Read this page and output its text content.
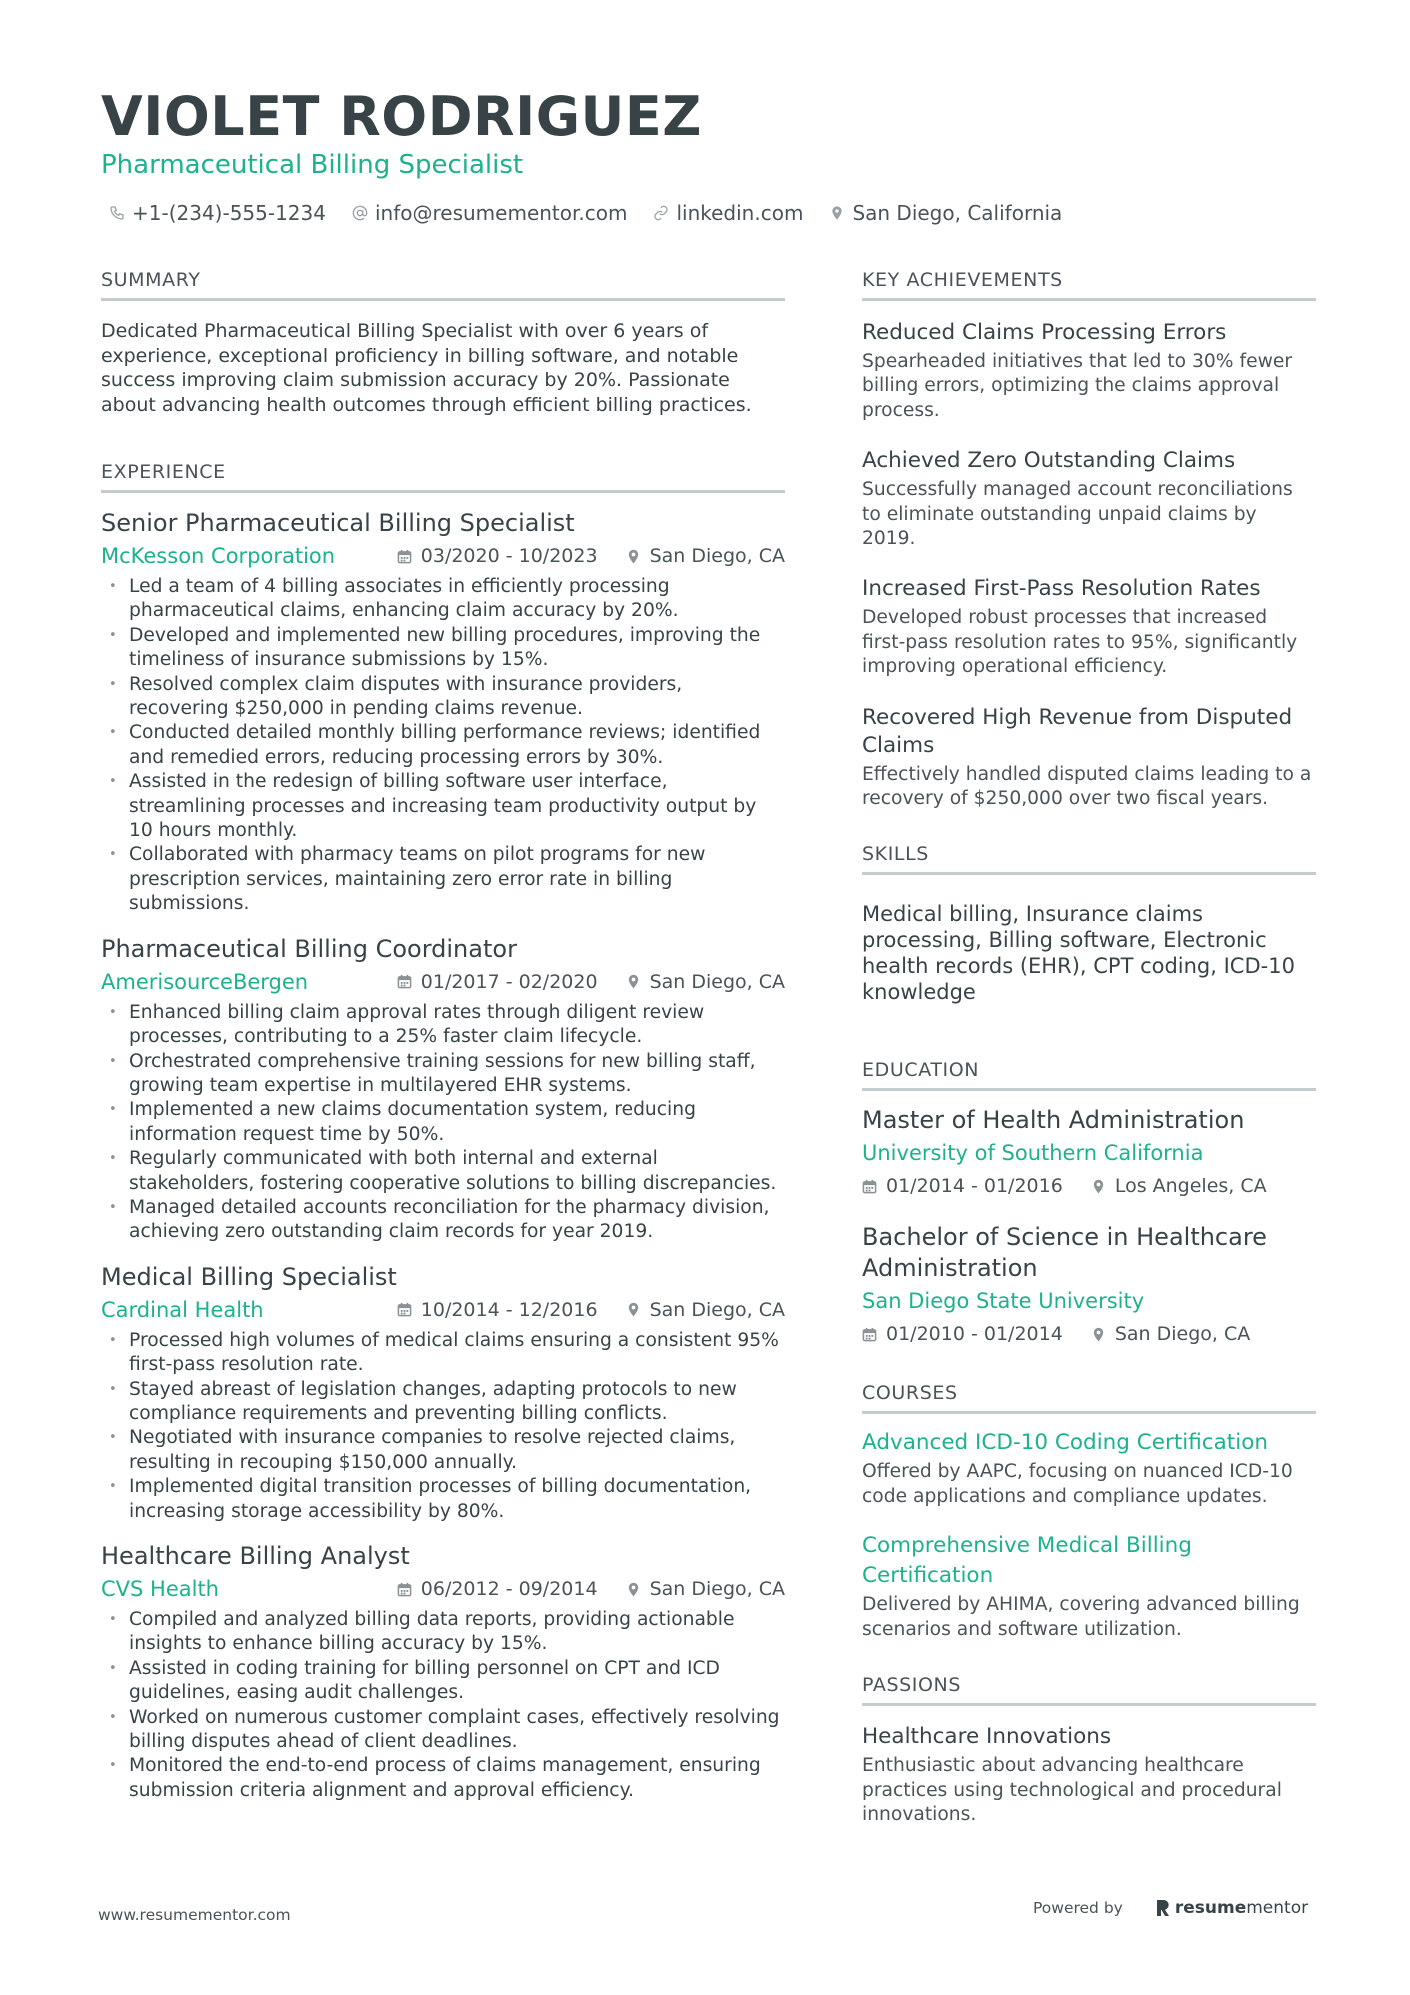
VIOLET RODRIGUEZ
Pharmaceutical Billing Specialist
+1-(234)-555-1234 info@resumementor.com linkedin.com San Diego, California
SUMMARY

Dedicated Pharmaceutical Billing Specialist with over 6 years of experience, exceptional proficiency in billing software, and notable success improving claim submission accuracy by 20%. Passionate about advancing health outcomes through efficient billing practices.

EXPERIENCE
Senior Pharmaceutical Billing Specialist
McKesson Corporation	03/2020 - 10/2023	San Diego, CA
• Led a team of 4 billing associates in efficiently processing pharmaceutical claims, enhancing claim accuracy by 20%.
• Developed and implemented new billing procedures, improving the timeliness of insurance submissions by 15%.
• Resolved complex claim disputes with insurance providers, recovering $250,000 in pending claims revenue.
• Conducted detailed monthly billing performance reviews; identified and remedied errors, reducing processing errors by 30%.
• Assisted in the redesign of billing software user interface, streamlining processes and increasing team productivity output by 10 hours monthly.
• Collaborated with pharmacy teams on pilot programs for new prescription services, maintaining zero error rate in billing submissions.
Pharmaceutical Billing Coordinator
AmerisourceBergen	01/2017 - 02/2020	San Diego, CA
• Enhanced billing claim approval rates through diligent review processes, contributing to a 25% faster claim lifecycle.
• Orchestrated comprehensive training sessions for new billing staff, growing team expertise in multilayered EHR systems.
• Implemented a new claims documentation system, reducing information request time by 50%.
• Regularly communicated with both internal and external stakeholders, fostering cooperative solutions to billing discrepancies.
• Managed detailed accounts reconciliation for the pharmacy division, achieving zero outstanding claim records for year 2019.
Medical Billing Specialist
Cardinal Health	10/2014 - 12/2016	San Diego, CA
• Processed high volumes of medical claims ensuring a consistent 95% first-pass resolution rate.
• Stayed abreast of legislation changes, adapting protocols to new compliance requirements and preventing billing conflicts.
• Negotiated with insurance companies to resolve rejected claims, resulting in recouping $150,000 annually.
• Implemented digital transition processes of billing documentation, increasing storage accessibility by 80%.
Healthcare Billing Analyst
CVS Health	06/2012 - 09/2014	San Diego, CA
• Compiled and analyzed billing data reports, providing actionable insights to enhance billing accuracy by 15%.
• Assisted in coding training for billing personnel on CPT and ICD guidelines, easing audit challenges.
• Worked on numerous customer complaint cases, effectively resolving billing disputes ahead of client deadlines.
• Monitored the end-to-end process of claims management, ensuring submission criteria alignment and approval efficiency.
KEY ACHIEVEMENTS
Reduced Claims Processing Errors
Spearheaded initiatives that led to 30% fewer billing errors, optimizing the claims approval process.
Achieved Zero Outstanding Claims
Successfully managed account reconciliations to eliminate outstanding unpaid claims by 2019.
Increased First-Pass Resolution Rates
Developed robust processes that increased first-pass resolution rates to 95%, significantly improving operational efficiency.
Recovered High Revenue from Disputed Claims
Effectively handled disputed claims leading to a recovery of $250,000 over two fiscal years.
SKILLS
Medical billing, Insurance claims processing, Billing software, Electronic health records (EHR), CPT coding, ICD-10 knowledge
EDUCATION
Master of Health Administration
University of Southern California
01/2014 - 01/2016	Los Angeles, CA
Bachelor of Science in Healthcare Administration
San Diego State University
01/2010 - 01/2014	San Diego, CA
COURSES
Advanced ICD-10 Coding Certification
Offered by AAPC, focusing on nuanced ICD-10 code applications and compliance updates.
Comprehensive Medical Billing Certification
Delivered by AHIMA, covering advanced billing scenarios and software utilization.
PASSIONS
Healthcare Innovations
Enthusiastic about advancing healthcare practices using technological and procedural innovations.
www.resumementor.com	Powered by	resume mentor
